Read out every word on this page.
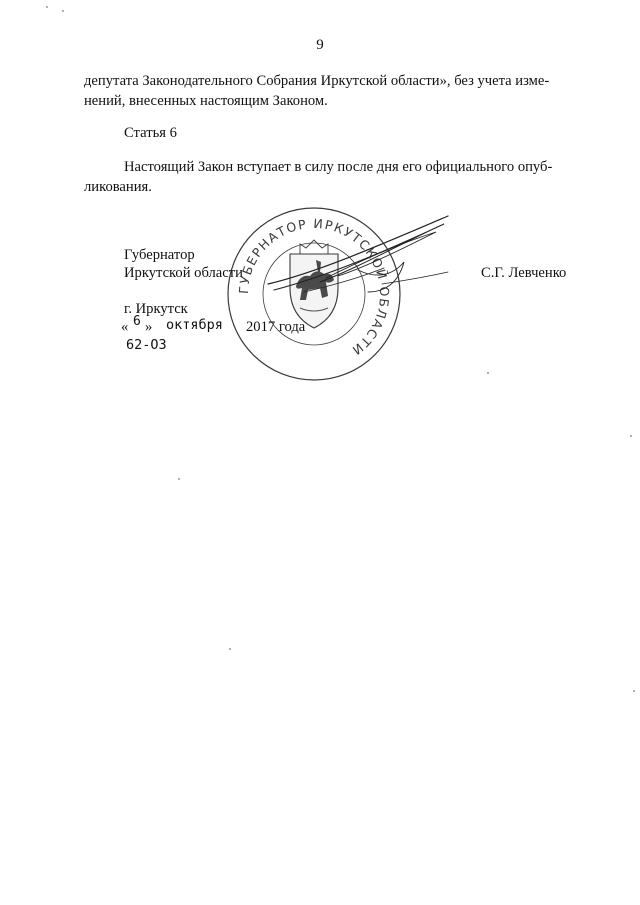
9
депутата Законодательного Собрания Иркутской области», без учета изме-
нений, внесенных настоящим Законом.
Статья 6
Настоящий Закон вступает в силу после дня его официального опуб-
ликования.
ГУБЕРНАТОР ИРКУТСКОЙ ОБЛАСТИ
Губернатор
Иркутской области	С.Г. Левченко
г. Иркутск
« 6 » октября 2017 года
62-ОЗ
